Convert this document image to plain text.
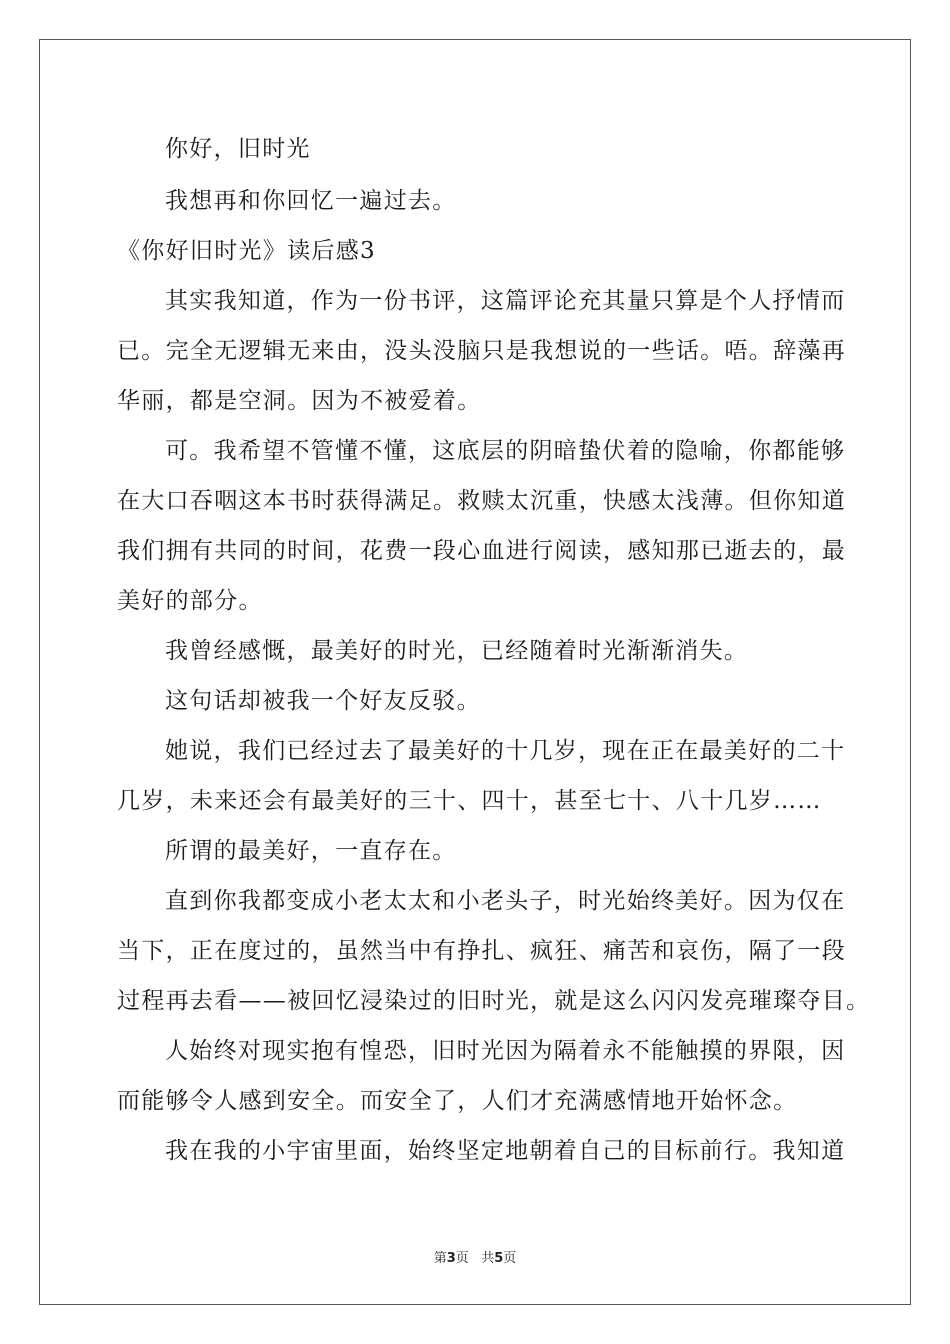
你好，旧时光
我想再和你回忆一遍过去。
《你好旧时光》读后感3
其实我知道，作为一份书评，这篇评论充其量只算是个人抒情而
已。完全无逻辑无来由，没头没脑只是我想说的一些话。唔。辞藻再
华丽，都是空洞。因为不被爱着。
可。我希望不管懂不懂，这底层的阴暗蛰伏着的隐喻，你都能够
在大口吞咽这本书时获得满足。救赎太沉重，快感太浅薄。但你知道
我们拥有共同的时间，花费一段心血进行阅读，感知那已逝去的，最
美好的部分。
我曾经感慨，最美好的时光，已经随着时光渐渐消失。
这句话却被我一个好友反驳。
她说，我们已经过去了最美好的十几岁，现在正在最美好的二十
几岁，未来还会有最美好的三十、四十，甚至七十、八十几岁……
所谓的最美好，一直存在。
直到你我都变成小老太太和小老头子，时光始终美好。因为仅在
当下，正在度过的，虽然当中有挣扎、疯狂、痛苦和哀伤，隔了一段
过程再去看——被回忆浸染过的旧时光，就是这么闪闪发亮璀璨夺目。
人始终对现实抱有惶恐，旧时光因为隔着永不能触摸的界限，因
而能够令人感到安全。而安全了，人们才充满感情地开始怀念。
我在我的小宇宙里面，始终坚定地朝着自己的目标前行。我知道
第3页 共5页
